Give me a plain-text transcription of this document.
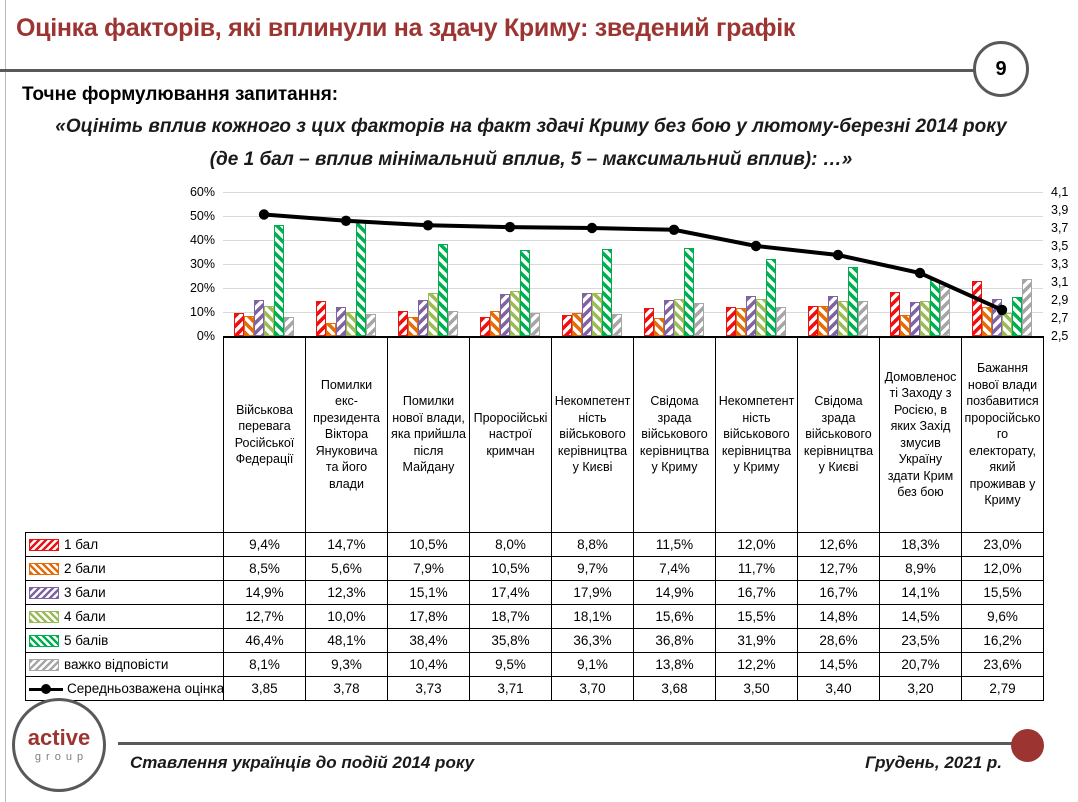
Оцінка факторів, які вплинули на здачу Криму: зведений графік
9
Точне формулювання запитання:
«Оцініть вплив кожного з цих факторів на факт здачі Криму без бою у лютому-березні 2014 року
(де 1 бал – вплив мінімальний вплив, 5 – максимальний вплив): …»
60%
50%
40%
30%
20%
10%
0%
4,1
3,9
3,7
3,5
3,3
3,1
2,9
2,7
2,5
	Військова перевага Російської Федерації	Помилки екс-президента Віктора Януковича та його влади	Помилки нової влади, яка прийшла після Майдану	Проросійські настрої кримчан	Некомпетентність військового керівництва у Києві	Свідома зрада військового керівництва у Криму	Некомпетентність військового керівництва у Криму	Свідома зрада військового керівництва у Києві	Домовленості Заходу з Росією, в яких Захід змусив Україну здати Крим без бою	Бажання нової влади позбавитися проросійського електорату, який проживав у Криму
1 бал	9,4%	14,7%	10,5%	8,0%	8,8%	11,5%	12,0%	12,6%	18,3%	23,0%
2 бали	8,5%	5,6%	7,9%	10,5%	9,7%	7,4%	11,7%	12,7%	8,9%	12,0%
3 бали	14,9%	12,3%	15,1%	17,4%	17,9%	14,9%	16,7%	16,7%	14,1%	15,5%
4 бали	12,7%	10,0%	17,8%	18,7%	18,1%	15,6%	15,5%	14,8%	14,5%	9,6%
5 балів	46,4%	48,1%	38,4%	35,8%	36,3%	36,8%	31,9%	28,6%	23,5%	16,2%
важко відповісти	8,1%	9,3%	10,4%	9,5%	9,1%	13,8%	12,2%	14,5%	20,7%	23,6%

Середньозважена оцінка	3,85	3,78	3,73	3,71	3,70	3,68	3,50	3,40	3,20	2,79
active
group Ставлення українців до подій 2014 року	Грудень, 2021 р.
